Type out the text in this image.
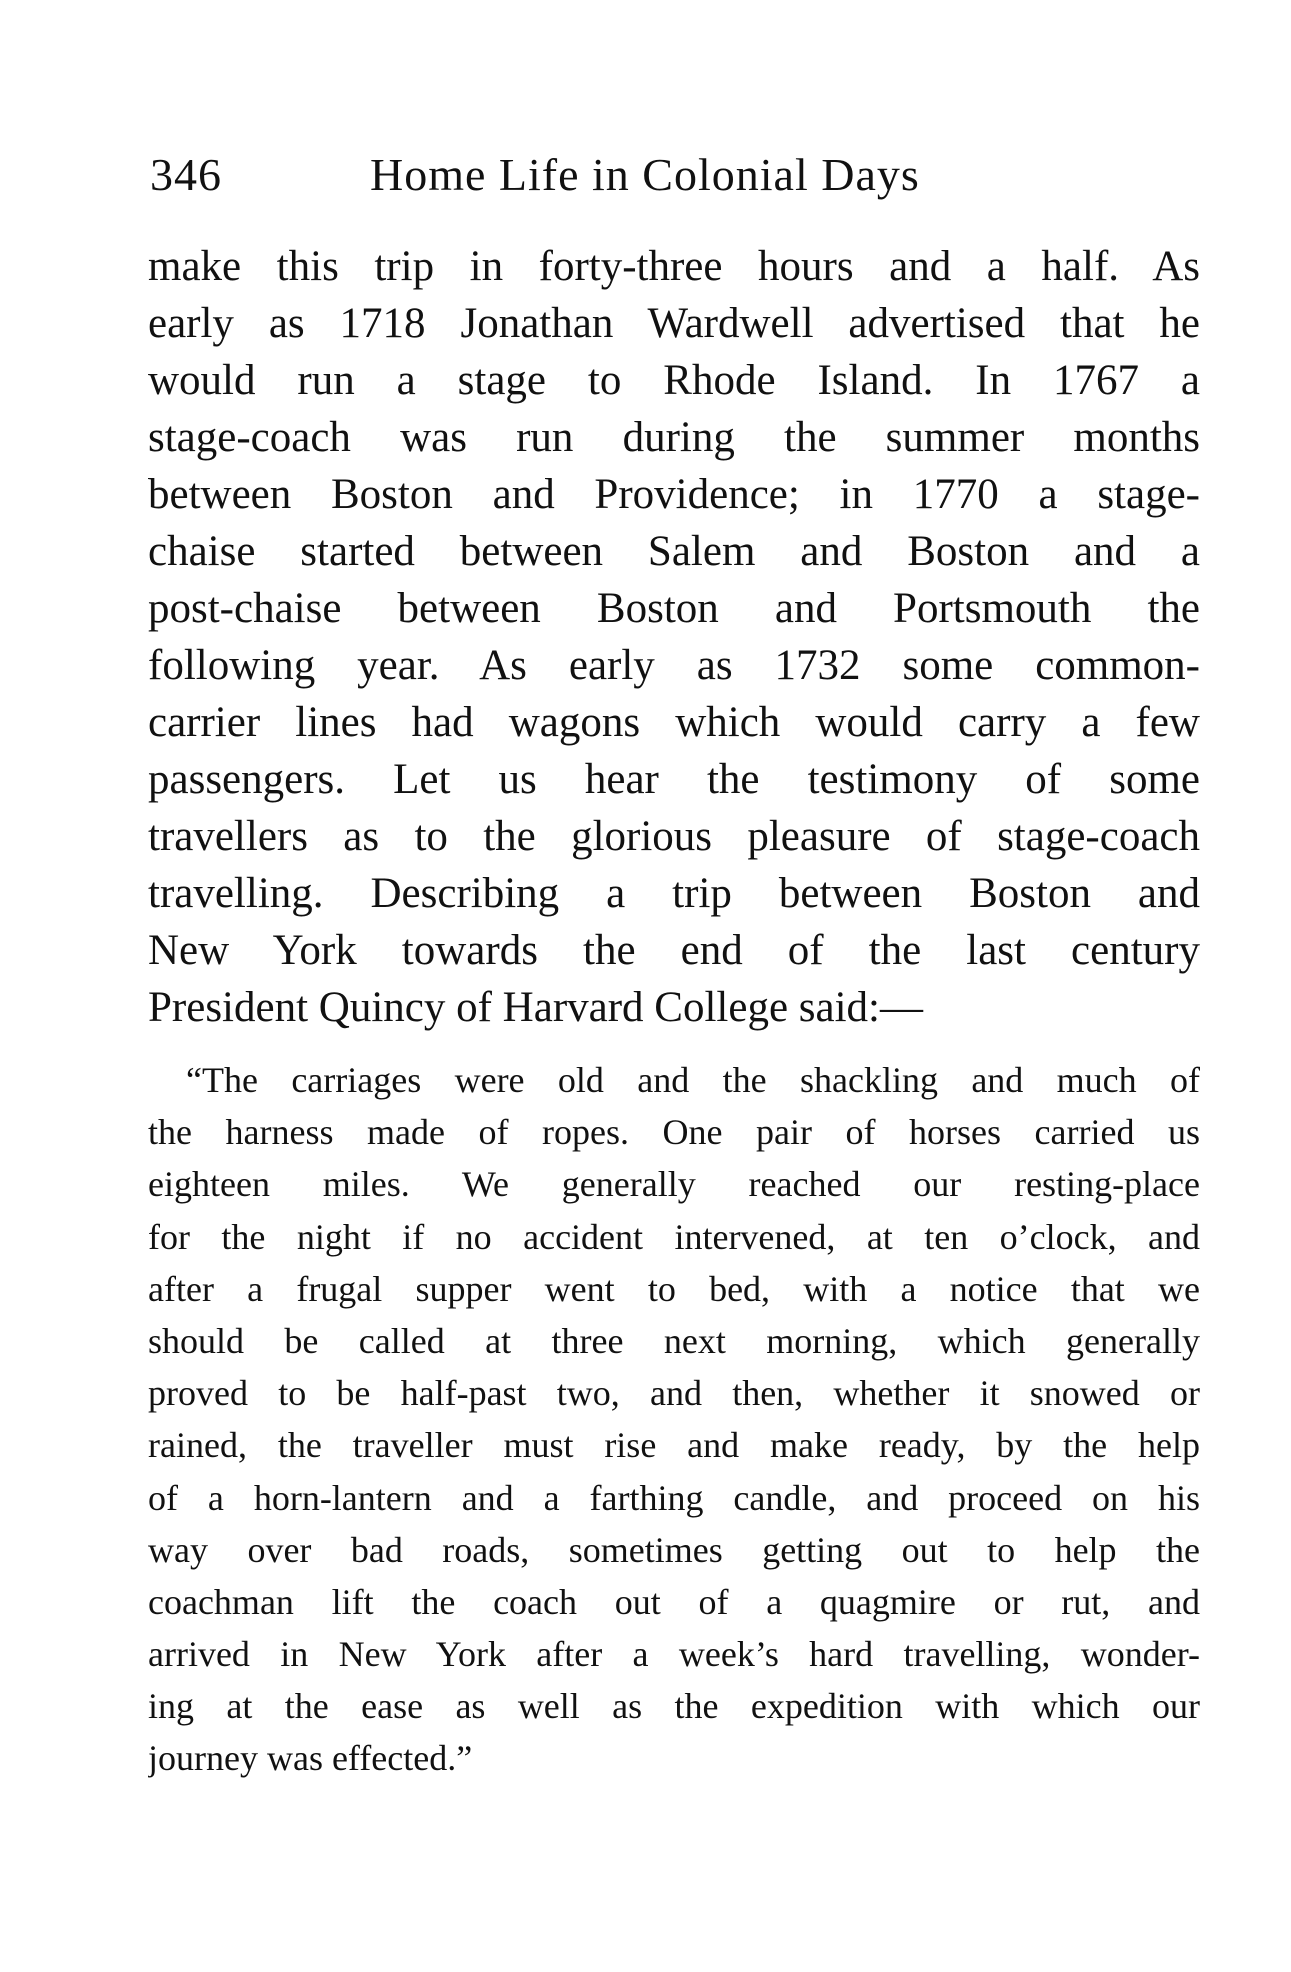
346	Home Life in Colonial Days
make this trip in forty-three hours and a half. As
early as 1718 Jonathan Wardwell advertised that he
would run a stage to Rhode Island. In 1767 a
stage-coach was run during the summer months
between Boston and Providence; in 1770 a stage-
chaise started between Salem and Boston and a
post-chaise between Boston and Portsmouth the
following year. As early as 1732 some common-
carrier lines had wagons which would carry a few
passengers. Let us hear the testimony of some
travellers as to the glorious pleasure of stage-coach
travelling. Describing a trip between Boston and
New York towards the end of the last century
President Quincy of Harvard College said:—
“The carriages were old and the shackling and much of
the harness made of ropes. One pair of horses carried us
eighteen miles. We generally reached our resting-place
for the night if no accident intervened, at ten o’clock, and
after a frugal supper went to bed, with a notice that we
should be called at three next morning, which generally
proved to be half-past two, and then, whether it snowed or
rained, the traveller must rise and make ready, by the help
of a horn-lantern and a farthing candle, and proceed on his
way over bad roads, sometimes getting out to help the
coachman lift the coach out of a quagmire or rut, and
arrived in New York after a week’s hard travelling, wonder-
ing at the ease as well as the expedition with which our
journey was effected.”
